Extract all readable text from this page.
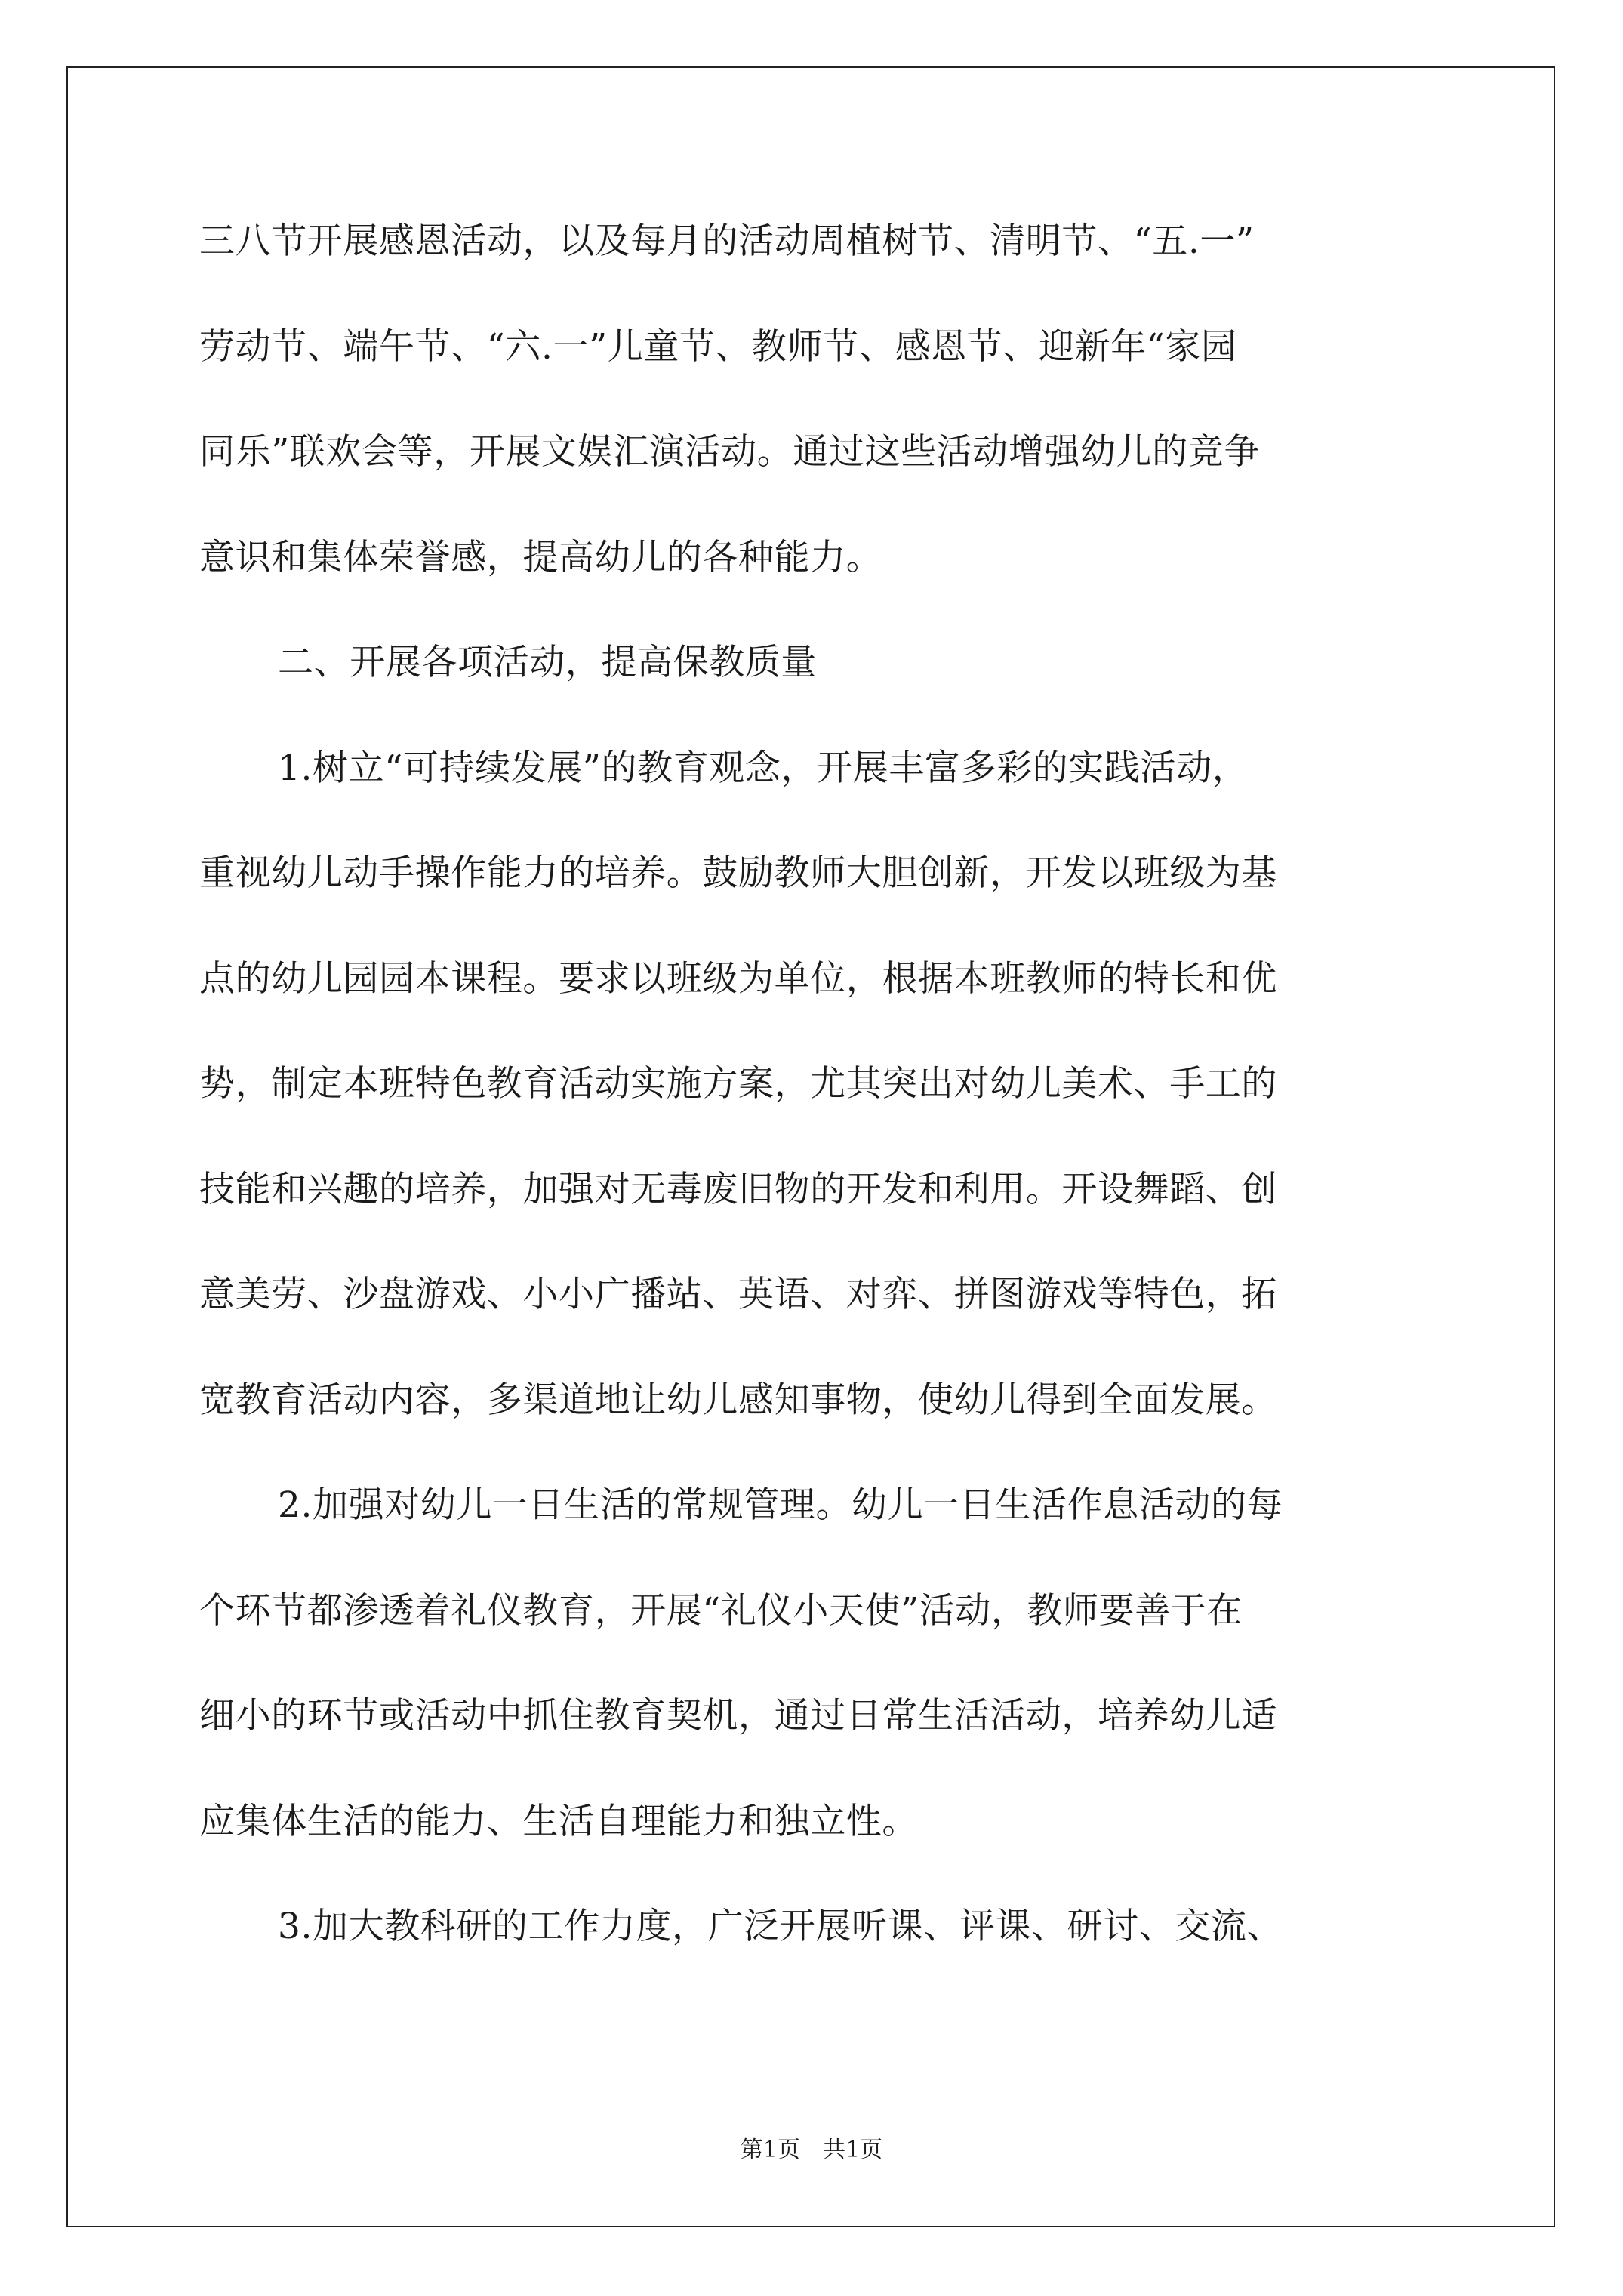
三八节开展感恩活动，以及每月的活动周植树节、清明节、“五.一”
劳动节、端午节、“六.一”儿童节、教师节、感恩节、迎新年“家园
同乐”联欢会等，开展文娱汇演活动。通过这些活动增强幼儿的竞争
意识和集体荣誉感，提高幼儿的各种能力。
二、开展各项活动，提高保教质量
1.树立“可持续发展”的教育观念，开展丰富多彩的实践活动，
重视幼儿动手操作能力的培养。鼓励教师大胆创新，开发以班级为基
点的幼儿园园本课程。要求以班级为单位，根据本班教师的特长和优
势，制定本班特色教育活动实施方案，尤其突出对幼儿美术、手工的
技能和兴趣的培养，加强对无毒废旧物的开发和利用。开设舞蹈、创
意美劳、沙盘游戏、小小广播站、英语、对弈、拼图游戏等特色，拓
宽教育活动内容，多渠道地让幼儿感知事物，使幼儿得到全面发展。
2.加强对幼儿一日生活的常规管理。幼儿一日生活作息活动的每
个环节都渗透着礼仪教育，开展“礼仪小天使”活动，教师要善于在
细小的环节或活动中抓住教育契机，通过日常生活活动，培养幼儿适
应集体生活的能力、生活自理能力和独立性。
3.加大教科研的工作力度，广泛开展听课、评课、研讨、交流、
第1页　共1页
